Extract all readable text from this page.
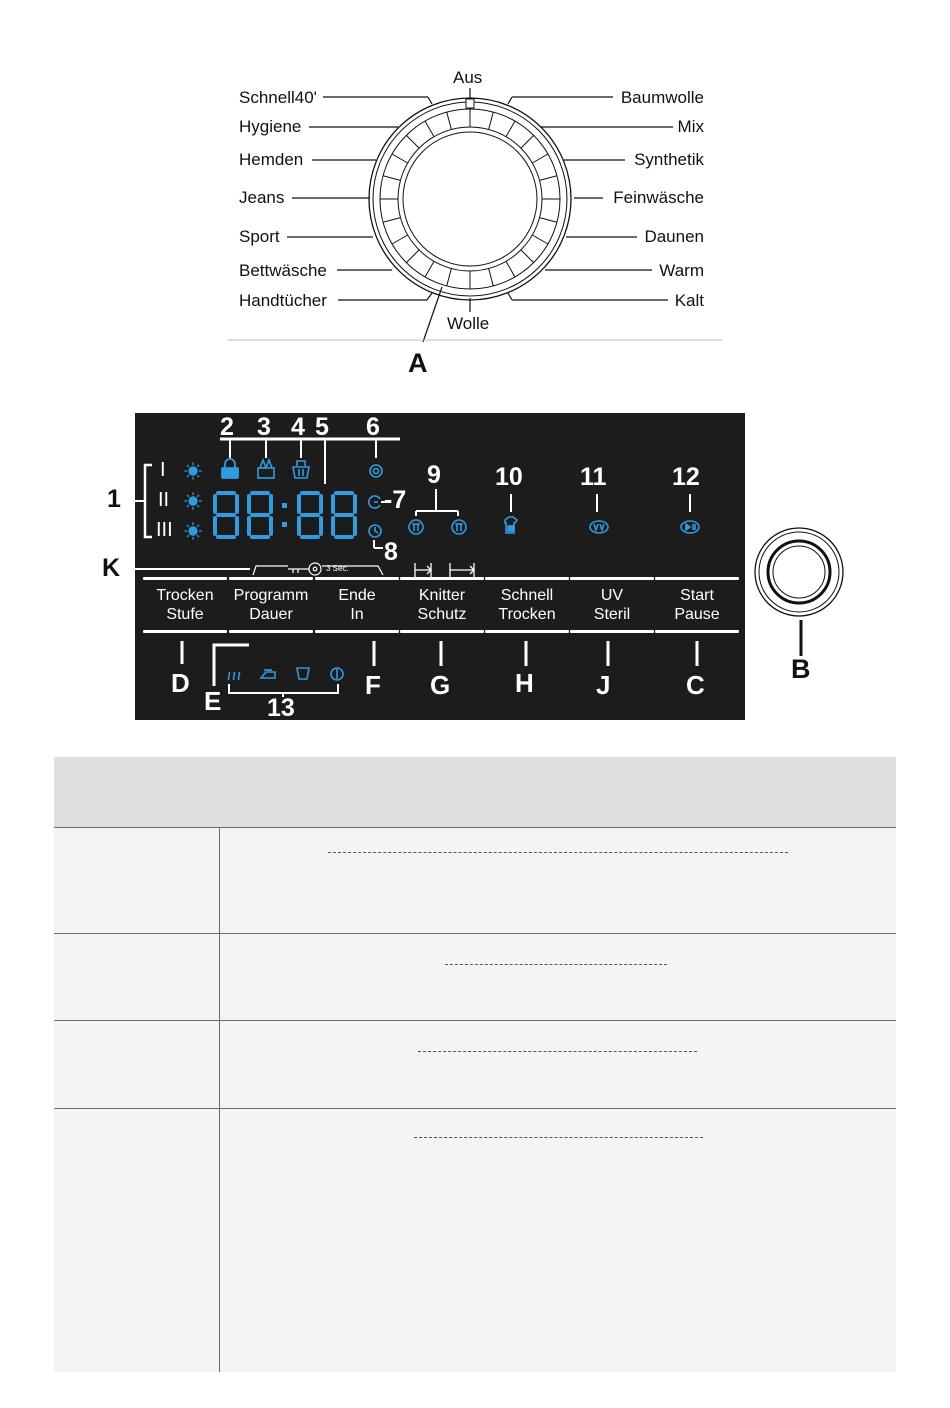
Schnell40'
Hygiene
Hemden
Jeans
Sport
Bettwäsche
Handtücher
Baumwolle
Mix
Synthetik
Feinwäsche
Daunen
Warm
Kalt
Aus
Wolle
A
2 3 4 5 6
9 10 11	12
1	-7
8
13
I
II
III
3 Sec.
K
D
E
F G H J	C
B
Trocken
Stufe
Programm
Dauer
Ende
In
Knitter
Schutz
Schnell
Trocken
UV
Steril
Start
Pause
